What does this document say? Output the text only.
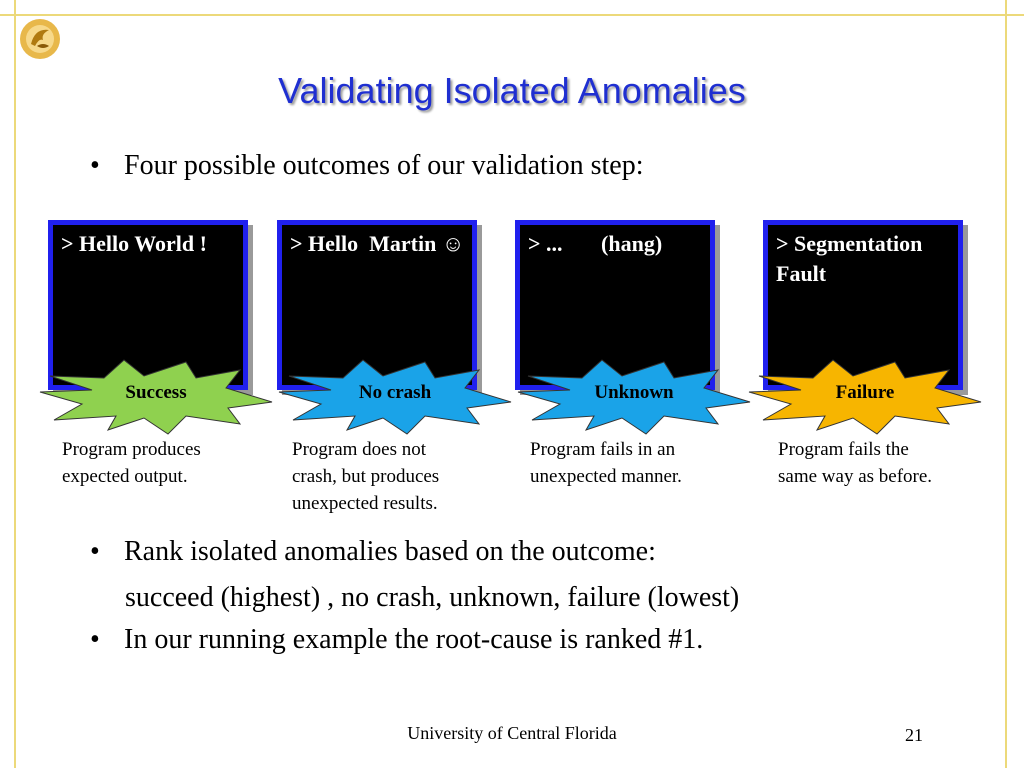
Validating Isolated Anomalies
• Four possible outcomes of our validation step:
> Hello World !	> Hello  Martin ☺	> ...       (hang)	> Segmentation
Fault
Success	No crash	Unknown	Failure
Program produces
expected output.
Program does not
crash, but produces
unexpected results.
Program fails in an
unexpected manner.
Program fails the
same way as before.
• Rank isolated anomalies based on the outcome:
succeed (highest) , no crash, unknown, failure (lowest)
• In our running example the root-cause is ranked #1.
University of Central Florida	21
